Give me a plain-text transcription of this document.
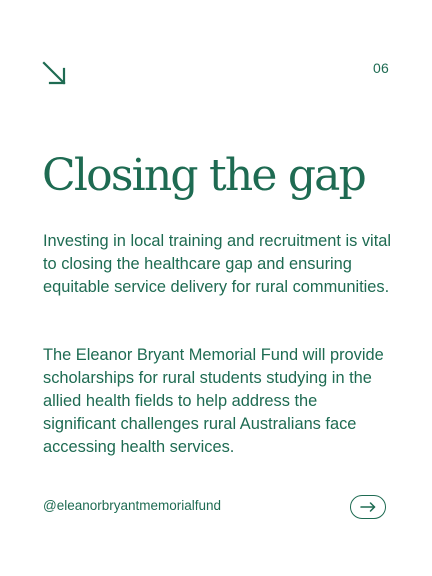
06
Closing the gap

Investing in local training and recruitment is vital to closing the healthcare gap and ensuring equitable service delivery for rural communities.

The Eleanor Bryant Memorial Fund will provide scholarships for rural students studying in the allied health fields to help address the significant challenges rural Australians face accessing health services.

@eleanorbryantmemorialfund
